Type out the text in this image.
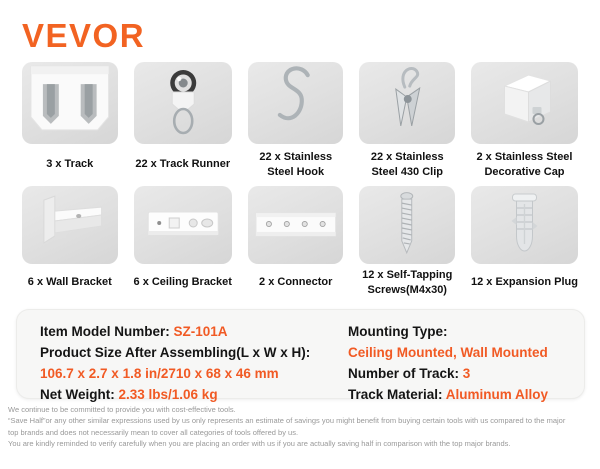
VEVOR
3 x Track	22 x Track Runner
22 x Stainless
Steel Hook
22 x Stainless
Steel 430 Clip
2 x Stainless Steel
Decorative Cap
6 x Wall Bracket 6 x Ceiling Bracket 2 x Connector
12 x Self-Tapping
Screws(M4x30)
12 x Expansion Plug
Item Model Number: SZ-101A
Product Size After Assembling(L x W x H):
106.7 x 2.7 x 1.8 in/2710 x 68 x 46 mm
Net Weight: 2.33 lbs/1.06 kg
Mounting Type:
Ceiling Mounted, Wall Mounted
Number of Track: 3
Track Material: Aluminum Alloy
We continue to be committed to provide you with cost-effective tools.
“Save Half”or any other similar expressions used by us only represents an estimate of savings you might benefit from buying certain tools with us compared to the major
top brands and does not necessarily mean to cover all categories of tools offered by us.
You are kindly reminded to verify carefully when you are placing an order with us if you are actually saving half in comparison with the top major brands.
